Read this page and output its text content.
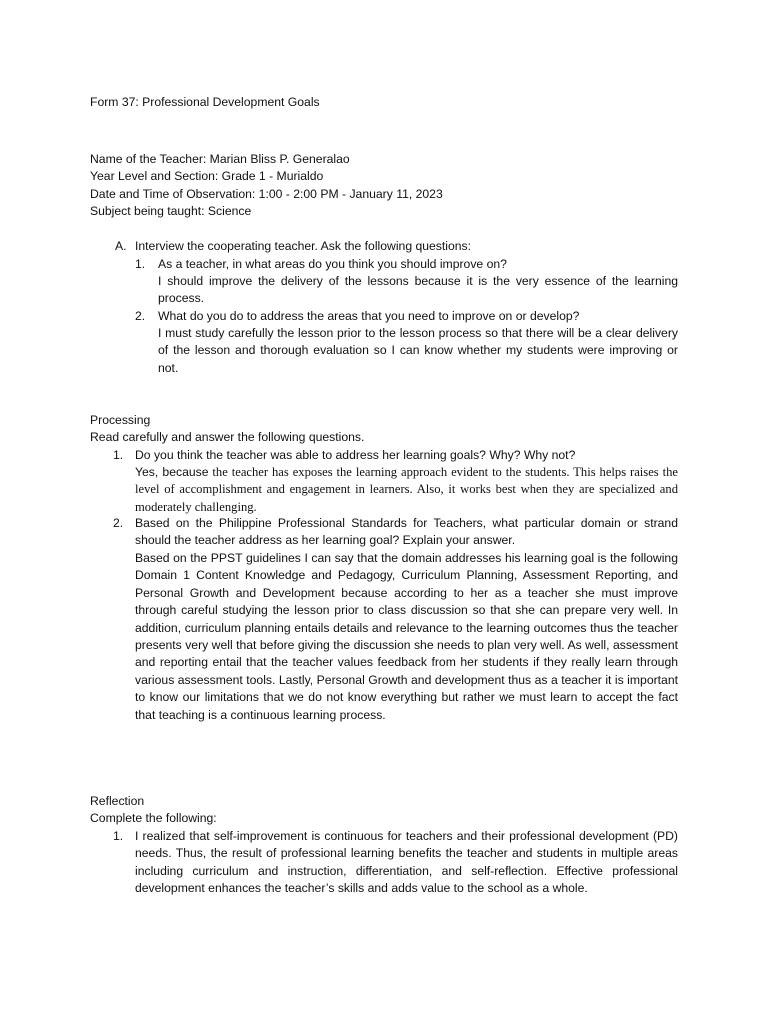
Form 37: Professional Development Goals
Name of the Teacher: Marian Bliss P. Generalao
Year Level and Section: Grade 1 - Murialdo
Date and Time of Observation: 1:00 - 2:00 PM - January 11, 2023
Subject being taught: Science
A. Interview the cooperating teacher. Ask the following questions:
1. As a teacher, in what areas do you think you should improve on?
I should improve the delivery of the lessons because it is the very essence of the learning process.
2. What do you do to address the areas that you need to improve on or develop?
I must study carefully the lesson prior to the lesson process so that there will be a clear delivery of the lesson and thorough evaluation so I can know whether my students were improving or not.
Processing
Read carefully and answer the following questions.
1. Do you think the teacher was able to address her learning goals? Why? Why not?
Yes, because the teacher has exposes the learning approach evident to the students. This helps raises the level of accomplishment and engagement in learners. Also, it works best when they are specialized and moderately challenging.
2. Based on the Philippine Professional Standards for Teachers, what particular domain or strand should the teacher address as her learning goal? Explain your answer.
Based on the PPST guidelines I can say that the domain addresses his learning goal is the following Domain 1 Content Knowledge and Pedagogy, Curriculum Planning, Assessment Reporting, and Personal Growth and Development because according to her as a teacher she must improve through careful studying the lesson prior to class discussion so that she can prepare very well. In addition, curriculum planning entails details and relevance to the learning outcomes thus the teacher presents very well that before giving the discussion she needs to plan very well. As well, assessment and reporting entail that the teacher values feedback from her students if they really learn through various assessment tools. Lastly, Personal Growth and development thus as a teacher it is important to know our limitations that we do not know everything but rather we must learn to accept the fact that teaching is a continuous learning process.
Reflection
Complete the following:
1. I realized that self-improvement is continuous for teachers and their professional development (PD) needs. Thus, the result of professional learning benefits the teacher and students in multiple areas including curriculum and instruction, differentiation, and self-reflection. Effective professional development enhances the teacher’s skills and adds value to the school as a whole.
